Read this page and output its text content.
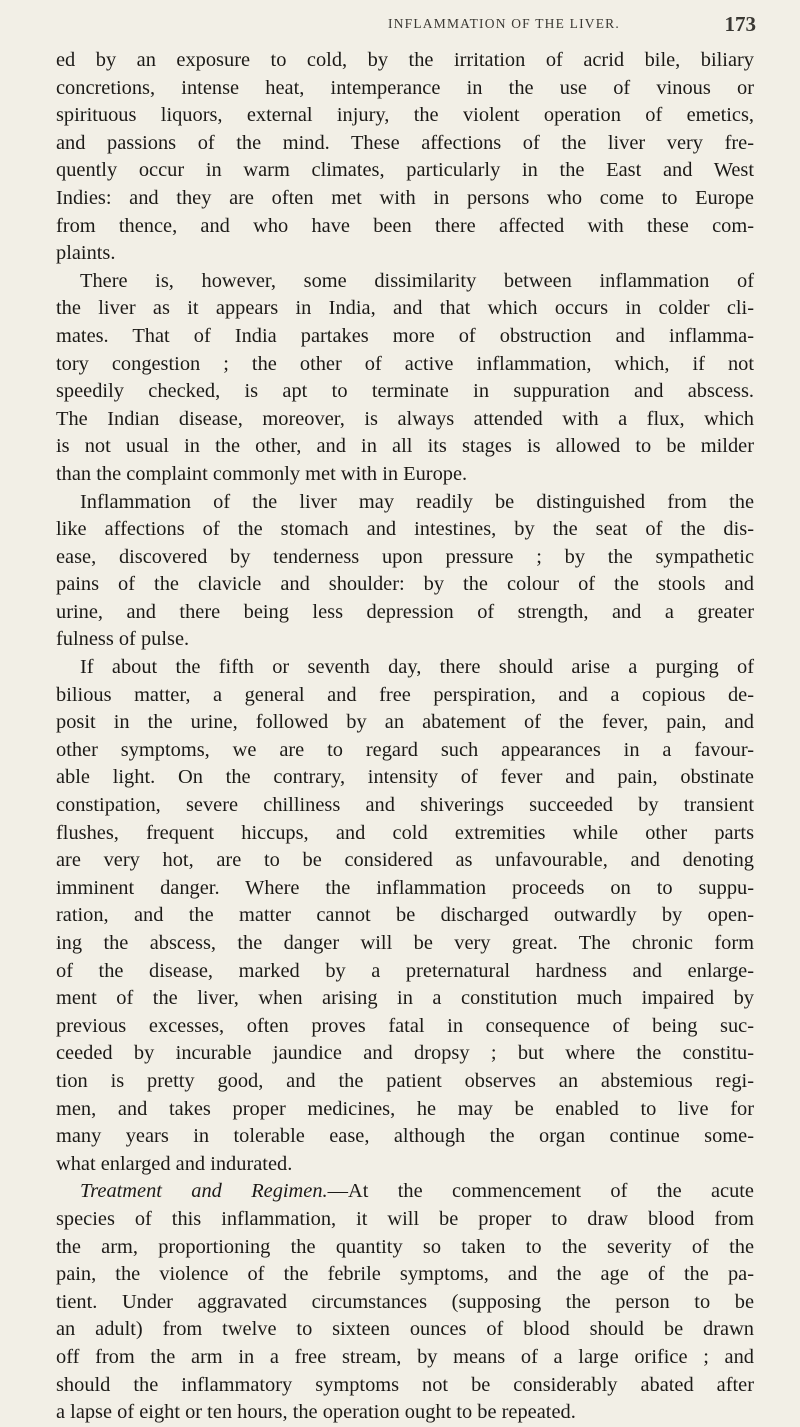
INFLAMMATION OF THE LIVER.	173
ed by an exposure to cold, by the irritation of acrid bile, biliary
concretions, intense heat, intemperance in the use of vinous or
spirituous liquors, external injury, the violent operation of emetics,
and passions of the mind. These affections of the liver very fre-
quently occur in warm climates, particularly in the East and West
Indies: and they are often met with in persons who come to Europe
from thence, and who have been there affected with these com-
plaints.
There is, however, some dissimilarity between inflammation of
the liver as it appears in India, and that which occurs in colder cli-
mates. That of India partakes more of obstruction and inflamma-
tory congestion ; the other of active inflammation, which, if not
speedily checked, is apt to terminate in suppuration and abscess.
The Indian disease, moreover, is always attended with a flux, which
is not usual in the other, and in all its stages is allowed to be milder
than the complaint commonly met with in Europe.
Inflammation of the liver may readily be distinguished from the
like affections of the stomach and intestines, by the seat of the dis-
ease, discovered by tenderness upon pressure ; by the sympathetic
pains of the clavicle and shoulder: by the colour of the stools and
urine, and there being less depression of strength, and a greater
fulness of pulse.
If about the fifth or seventh day, there should arise a purging of
bilious matter, a general and free perspiration, and a copious de-
posit in the urine, followed by an abatement of the fever, pain, and
other symptoms, we are to regard such appearances in a favour-
able light. On the contrary, intensity of fever and pain, obstinate
constipation, severe chilliness and shiverings succeeded by transient
flushes, frequent hiccups, and cold extremities while other parts
are very hot, are to be considered as unfavourable, and denoting
imminent danger. Where the inflammation proceeds on to suppu-
ration, and the matter cannot be discharged outwardly by open-
ing the abscess, the danger will be very great. The chronic form
of the disease, marked by a preternatural hardness and enlarge-
ment of the liver, when arising in a constitution much impaired by
previous excesses, often proves fatal in consequence of being suc-
ceeded by incurable jaundice and dropsy ; but where the constitu-
tion is pretty good, and the patient observes an abstemious regi-
men, and takes proper medicines, he may be enabled to live for
many years in tolerable ease, although the organ continue some-
what enlarged and indurated.
Treatment and Regimen.—At the commencement of the acute
species of this inflammation, it will be proper to draw blood from
the arm, proportioning the quantity so taken to the severity of the
pain, the violence of the febrile symptoms, and the age of the pa-
tient. Under aggravated circumstances (supposing the person to be
an adult) from twelve to sixteen ounces of blood should be drawn
off from the arm in a free stream, by means of a large orifice ; and
should the inflammatory symptoms not be considerably abated after
a lapse of eight or ten hours, the operation ought to be repeated.
